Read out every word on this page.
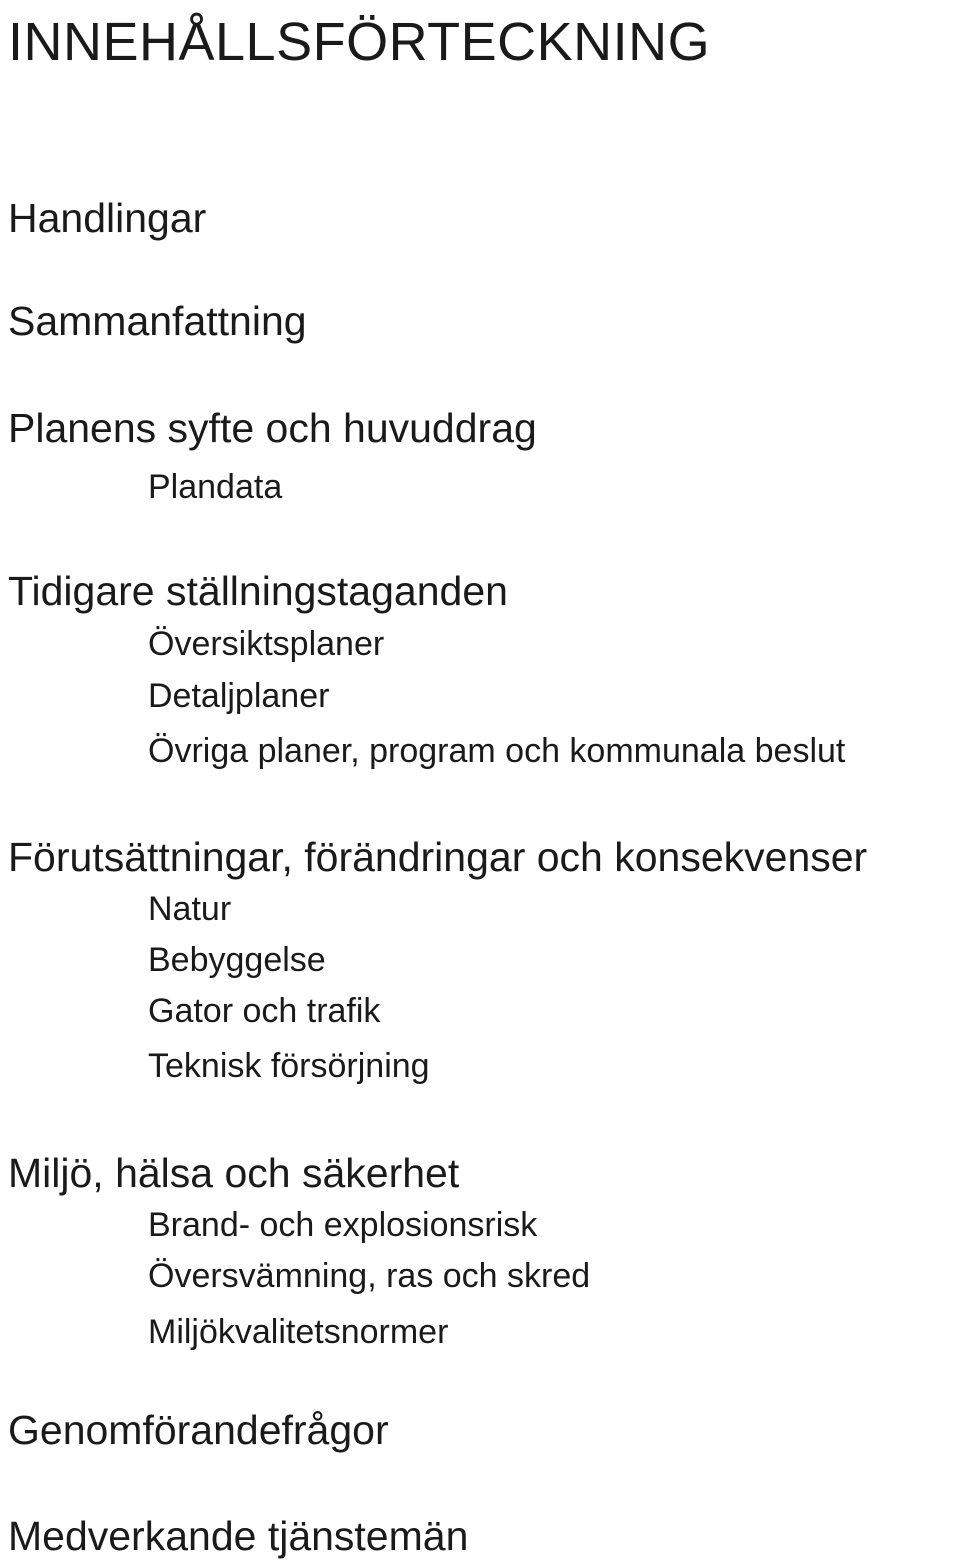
INNEHÅLLSFÖRTECKNING
Handlingar
Sammanfattning
Planens syfte och huvuddrag

Plandata

Tidigare ställningstaganden

Översiktsplaner

Detaljplaner

Övriga planer, program och kommunala beslut

Förutsättningar, förändringar och konsekvenser

Natur

Bebyggelse

Gator och trafik

Teknisk försörjning

Miljö, hälsa och säkerhet

Brand- och explosionsrisk

Översvämning, ras och skred

Miljökvalitetsnormer

Genomförandefrågor
Medverkande tjänstemän
